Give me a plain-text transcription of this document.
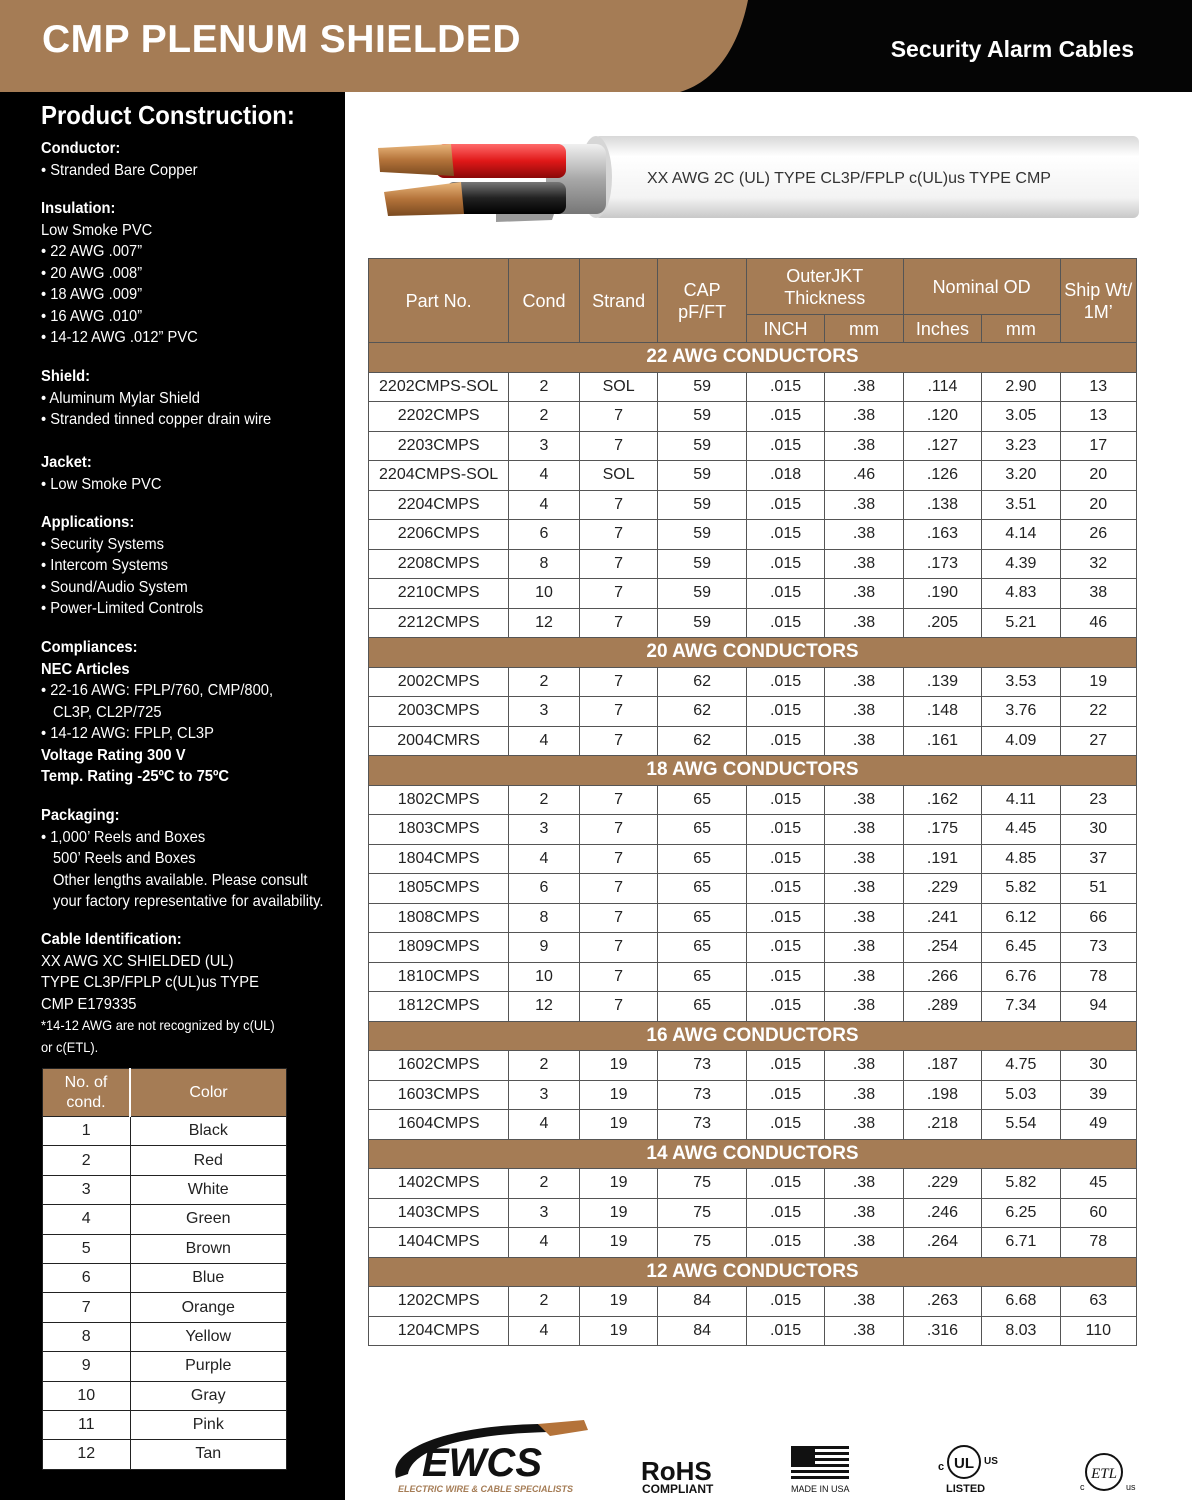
CMP PLENUM SHIELDED	Security Alarm Cables
Product Construction:
Conductor:
• Stranded Bare Copper
Insulation:
Low Smoke PVC
• 22 AWG .007”
• 20 AWG .008”
• 18 AWG .009”
• 16 AWG .010”
• 14-12 AWG .012” PVC
Shield:
• Aluminum Mylar Shield
• Stranded tinned copper drain wire
Jacket:
• Low Smoke PVC
Applications:
• Security Systems
• Intercom Systems
• Sound/Audio System
• Power-Limited Controls
Compliances:
NEC Articles
• 22-16 AWG: FPLP/760, CMP/800,
CL3P, CL2P/725
• 14-12 AWG: FPLP, CL3P
Voltage Rating 300 V
Temp. Rating -25ºC to 75ºC
Packaging:
• 1,000’ Reels and Boxes
500’ Reels and Boxes
Other lengths available. Please consult
your factory representative for availability.
Cable Identification:
XX AWG XC SHIELDED (UL)
TYPE CL3P/FPLP c(UL)us TYPE
CMP E179335
*14-12 AWG are not recognized by c(UL)
or c(ETL).
No. of cond.	Color
1	Black
2	Red
3	White
4	Green
5	Brown
6	Blue
7	Orange
8	Yellow
9	Purple
10	Gray
11	Pink
12	Tan
XX AWG 2C (UL) TYPE CL3P/FPLP c(UL)us TYPE CMP
Part No.	Cond	Strand	CAP pF/FT	OuterJKT Thickness		Nominal OD		Ship Wt/ 1M’
				INCH	mm	Inches	mm	
22 AWG CONDUCTORS								
2202CMPS-SOL	2	SOL	59	.015	.38	.114	2.90	13
2202CMPS	2	7	59	.015	.38	.120	3.05	13
2203CMPS	3	7	59	.015	.38	.127	3.23	17
2204CMPS-SOL	4	SOL	59	.018	.46	.126	3.20	20
2204CMPS	4	7	59	.015	.38	.138	3.51	20
2206CMPS	6	7	59	.015	.38	.163	4.14	26
2208CMPS	8	7	59	.015	.38	.173	4.39	32
2210CMPS	10	7	59	.015	.38	.190	4.83	38
2212CMPS	12	7	59	.015	.38	.205	5.21	46
20 AWG CONDUCTORS								
2002CMPS	2	7	62	.015	.38	.139	3.53	19
2003CMPS	3	7	62	.015	.38	.148	3.76	22
2004CMRS	4	7	62	.015	.38	.161	4.09	27
18 AWG CONDUCTORS								
1802CMPS	2	7	65	.015	.38	.162	4.11	23
1803CMPS	3	7	65	.015	.38	.175	4.45	30
1804CMPS	4	7	65	.015	.38	.191	4.85	37
1805CMPS	6	7	65	.015	.38	.229	5.82	51
1808CMPS	8	7	65	.015	.38	.241	6.12	66
1809CMPS	9	7	65	.015	.38	.254	6.45	73
1810CMPS	10	7	65	.015	.38	.266	6.76	78
1812CMPS	12	7	65	.015	.38	.289	7.34	94
16 AWG CONDUCTORS								
1602CMPS	2	19	73	.015	.38	.187	4.75	30
1603CMPS	3	19	73	.015	.38	.198	5.03	39
1604CMPS	4	19	73	.015	.38	.218	5.54	49
14 AWG CONDUCTORS								
1402CMPS	2	19	75	.015	.38	.229	5.82	45
1403CMPS	3	19	75	.015	.38	.246	6.25	60
1404CMPS	4	19	75	.015	.38	.264	6.71	78
12 AWG CONDUCTORS								
1202CMPS	2	19	84	.015	.38	.263	6.68	63
1204CMPS	4	19	84	.015	.38	.316	8.03	110
EWCS
ELECTRIC WIRE & CABLE SPECIALISTS
RoHS
COMPLIANT	MADE IN USA
UL
c	US
LISTED
ETL
c	us
